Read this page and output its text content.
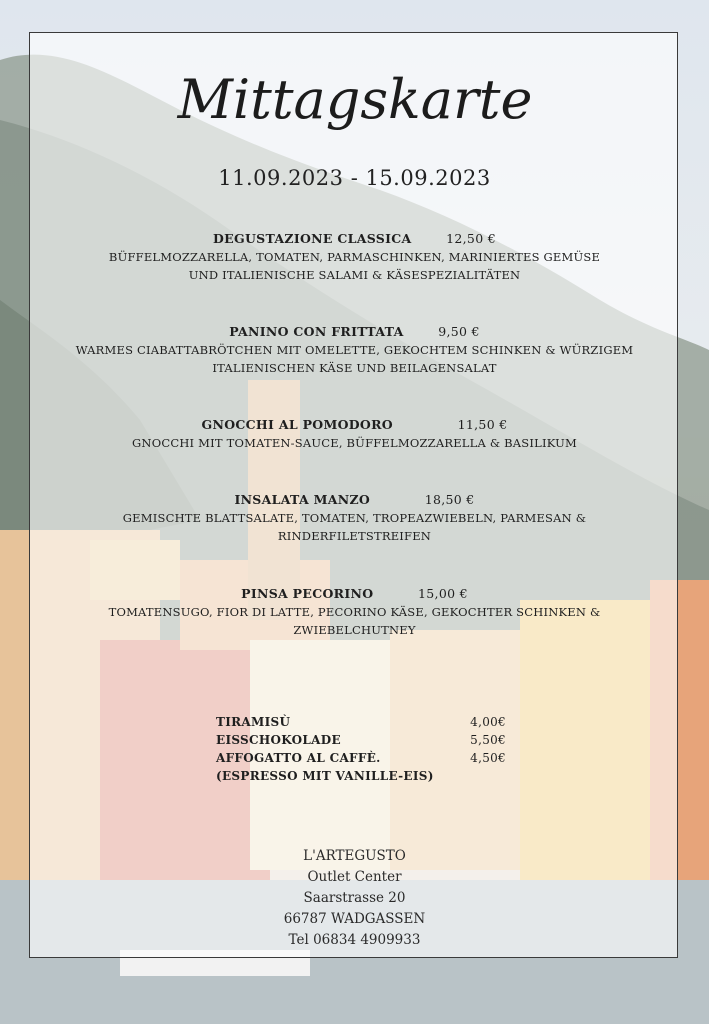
Mittagskarte
11.09.2023 - 15.09.2023
DEGUSTAZIONE CLASSICA	12,50 €
BÜFFELMOZZARELLA, TOMATEN, PARMASCHINKEN, MARINIERTES GEMÜSE
UND ITALIENISCHE SALAMI & KÄSESPEZIALITÄTEN
PANINO CON FRITTATA	9,50 €
WARMES CIABATTABRÖTCHEN MIT OMELETTE, GEKOCHTEM SCHINKEN & WÜRZIGEM
ITALIENISCHEN KÄSE UND BEILAGENSALAT
GNOCCHI AL POMODORO	11,50 €
GNOCCHI MIT TOMATEN-SAUCE, BÜFFELMOZZARELLA & BASILIKUM
INSALATA MANZO	18,50 €
GEMISCHTE BLATTSALATE, TOMATEN, TROPEAZWIEBELN, PARMESAN &
RINDERFILETSTREIFEN
PINSA PECORINO	15,00 €
TOMATENSUGO, FIOR DI LATTE, PECORINO KÄSE, GEKOCHTER SCHINKEN &
ZWIEBELCHUTNEY
TIRAMISÙ	4,00€
EISSCHOKOLADE	5,50€
AFFOGATTO AL CAFFÈ.	4,50€
(ESPRESSO MIT VANILLE-EIS)
L'ARTEGUSTO
Outlet Center
Saarstrasse 20
66787 WADGASSEN
Tel 06834 4909933
